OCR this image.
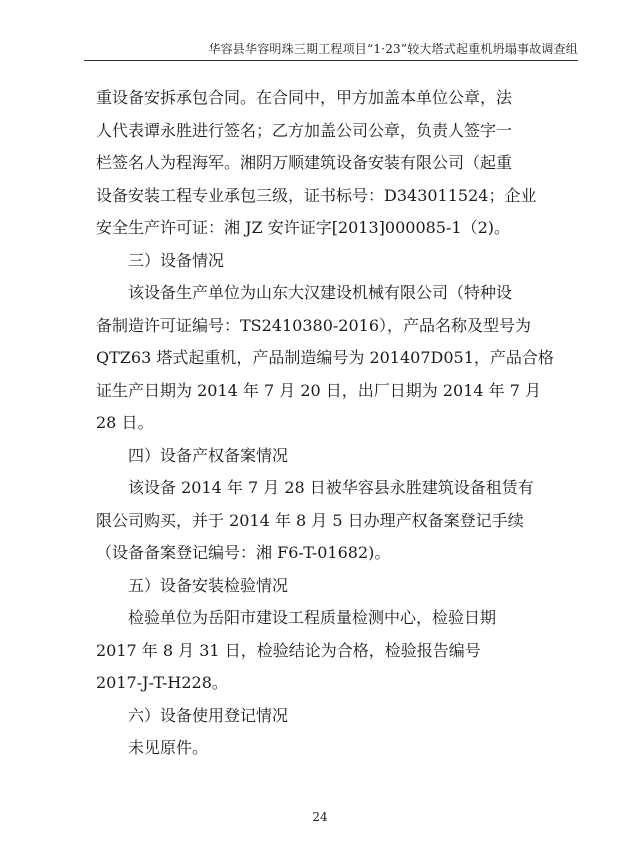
华容县华容明珠三期工程项目“1·23”较大塔式起重机坍塌事故调查组
重设备安拆承包合同。在合同中，甲方加盖本单位公章，法
人代表谭永胜进行签名；乙方加盖公司公章，负责人签字一
栏签名人为程海军。湘阴万顺建筑设备安装有限公司（起重
设备安装工程专业承包三级，证书标号：D343011524；企业
安全生产许可证：湘 JZ 安许证字[2013]000085-1（2)。
三）设备情况
该设备生产单位为山东大汉建设机械有限公司（特种设
备制造许可证编号：TS2410380-2016），产品名称及型号为
QTZ63 塔式起重机，产品制造编号为 201407D051，产品合格
证生产日期为 2014 年 7 月 20 日，出厂日期为 2014 年 7 月
28 日。
四）设备产权备案情况
该设备 2014 年 7 月 28 日被华容县永胜建筑设备租赁有
限公司购买，并于 2014 年 8 月 5 日办理产权备案登记手续
（设备备案登记编号：湘 F6-T-01682)。
五）设备安装检验情况
检验单位为岳阳市建设工程质量检测中心，检验日期
2017 年 8 月 31 日，检验结论为合格，检验报告编号
2017-J-T-H228。
六）设备使用登记情况
未见原件。
24
